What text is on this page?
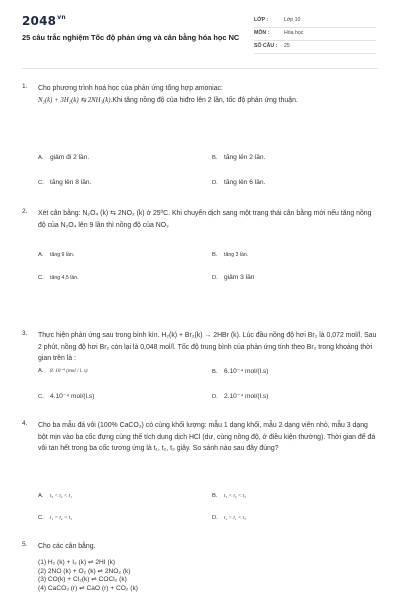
$2048^{vn}$
25 câu trắc nghiệm Tốc độ phản ứng và cân bằng hóa học NC
LỚP :	Lớp 10
MÔN :	Hóa học
SỐ CÂU : 25
1. Cho phương trình hoá học của phản ứng tổng hợp amoniac:
N₂(k) + 3H₂(k) ⇆ 2NH₃(k).Khi tăng nồng độ của hiđro lên 2 lần, tốc độ phản ứng thuận.
A. giảm đi 2 lần.	B. tăng lên 2 lần.
C. tăng lên 8 lần.	D. tăng lên 6 lần.
2. Xét cân bằng: N₂O₄ (k) ⇆ 2NO₂ (k) ở 25ºC. Khi chuyển dịch sang một trạng thái cân bằng mới nếu tăng nồng độ của N₂O₄ lên 9 lần thì nồng độ của NO₂
A. tăng 9 lần.	B. tăng 3 lần.
C. tăng 4,5 lần.	D. giảm 3 lần
3. Thực hiện phản ứng sau trong bình kín. H₂(k) + Br₂(k) → 2HBr (k). Lúc đầu nồng độ hơi Br₂ là 0,072 mol/l. Sau 2 phút, nồng độ hơi Br₂ còn lại là 0,048 mol/l. Tốc độ trung bình của phản ứng tính theo Br₂ trong khoảng thời gian trên là :
A. 8. 10⁻⁴ (mol / l. s)	B. 6.10⁻⁴ mol/(l.s)
C. 4.10⁻⁴ mol/(l.s)	D. 2.10⁻⁴ mol/(l.s)
4. Cho ba mẫu đá vôi (100% CaCO₃) có cùng khối lượng: mẫu 1 dạng khối, mẫu 2 dạng viên nhỏ, mẫu 3 dạng bột mịn vào ba cốc đựng cùng thể tích dung dịch HCl (dư, cùng nồng độ, ở điều kiện thường). Thời gian để đá vôi tan hết trong ba cốc tương ứng là t₁, t₂, t₃ giây. So sánh nào sau đây đúng?
A. t₃ < t₂ < t₁	B. t₁ < t₂ < t₃
C. t₁ = t₂ = t₃	D. t₂ < t₁ < t₃
5. Cho các cân bằng.
(1) H₂ (k) + I₂ (k) ⇌ 2HI (k)
(2) 2NO (k) + O₂ (k) ⇌ 2NO₂ (k)
(3) CO(k) + Cl₂(k) ⇌ COCl₂ (k)
(4) CaCO₃ (r) ⇌ CaO (r) + CO₂ (k)
